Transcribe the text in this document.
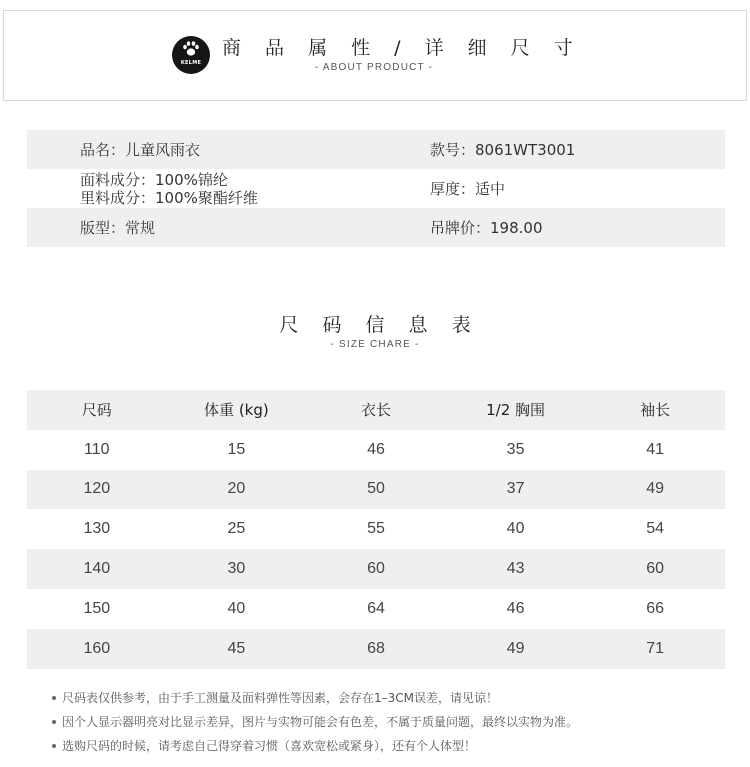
KELME
商 品 属 性 / 详 细 尺 寸
- ABOUT PRODUCT -
品名：儿童风雨衣	款号：8061WT3001
面料成分：100%锦纶
里料成分：100%聚酯纤维	厚度：适中
版型：常规	吊牌价：198.00
尺 码 信 息 表
- SIZE CHARE -
尺码	体重 (kg)	衣长	1/2 胸围	袖长
110	15	46	35	41
120	20	50	37	49
130	25	55	40	54
140	30	60	43	60
150	40	64	46	66
160	45	68	49	71
尺码表仅供参考，由于手工测量及面料弹性等因素，会存在1–3CM误差，请见谅！
因个人显示器明亮对比显示差异，图片与实物可能会有色差，不属于质量问题，最终以实物为准。
选购尺码的时候，请考虑自己得穿着习惯（喜欢宽松或紧身），还有个人体型！
